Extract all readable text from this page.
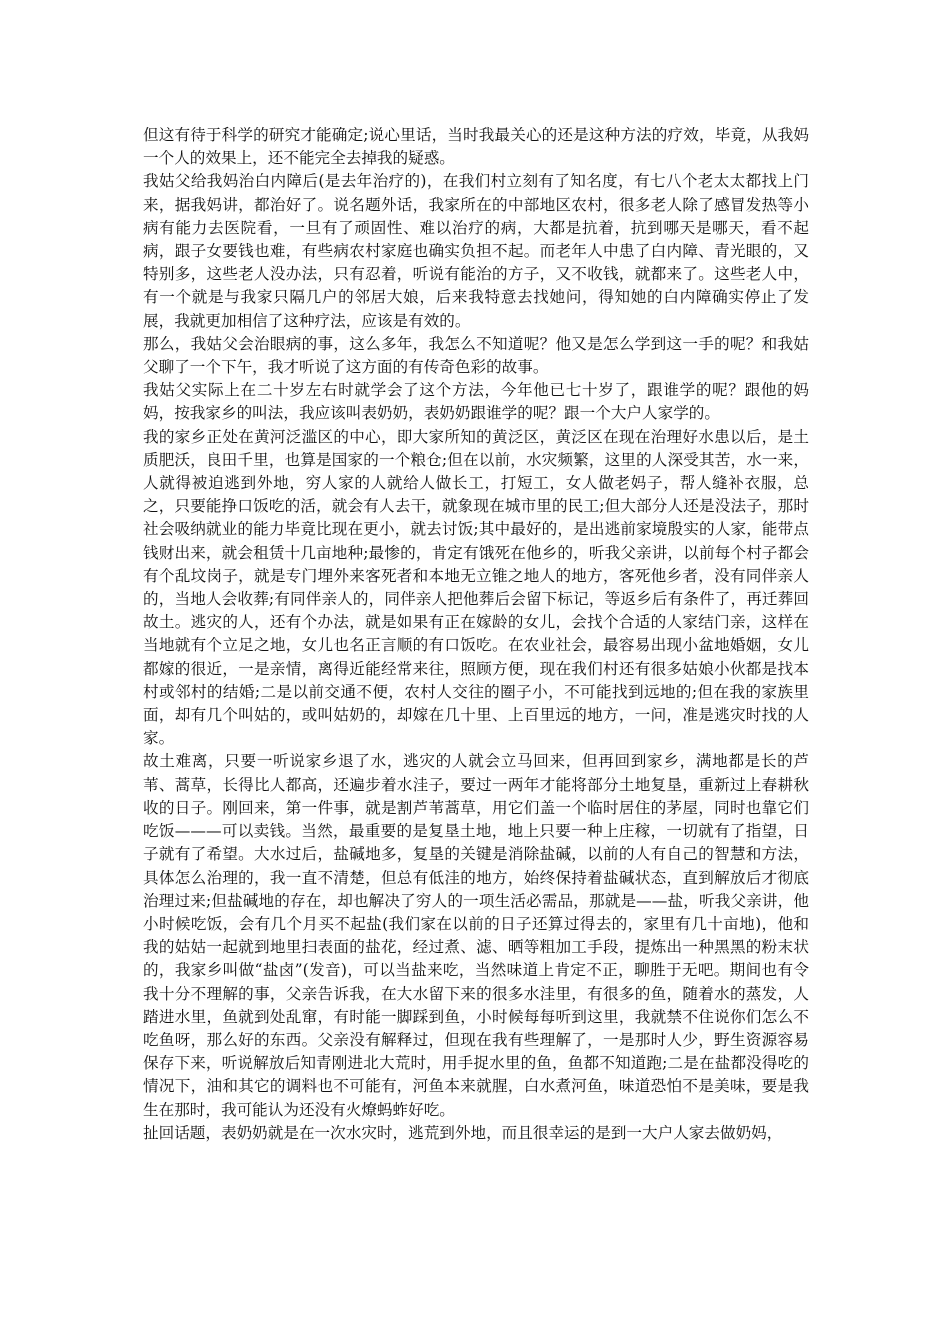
但这有待于科学的研究才能确定;说心里话，当时我最关心的还是这种方法的疗效，毕竟，从我妈一个人的效果上，还不能完全去掉我的疑惑。

我姑父给我妈治白内障后(是去年治疗的)，在我们村立刻有了知名度，有七八个老太太都找上门来，据我妈讲，都治好了。说名题外话，我家所在的中部地区农村，很多老人除了感冒发热等小病有能力去医院看，一旦有了顽固性、难以治疗的病，大都是抗着，抗到哪天是哪天，看不起病，跟子女要钱也难，有些病农村家庭也确实负担不起。而老年人中患了白内障、青光眼的，又特别多，这些老人没办法，只有忍着，听说有能治的方子，又不收钱，就都来了。这些老人中，有一个就是与我家只隔几户的邻居大娘，后来我特意去找她问，得知她的白内障确实停止了发展，我就更加相信了这种疗法，应该是有效的。

那么，我姑父会治眼病的事，这么多年，我怎么不知道呢？他又是怎么学到这一手的呢？和我姑父聊了一个下午，我才听说了这方面的有传奇色彩的故事。

我姑父实际上在二十岁左右时就学会了这个方法，今年他已七十岁了，跟谁学的呢？跟他的妈妈，按我家乡的叫法，我应该叫表奶奶，表奶奶跟谁学的呢？跟一个大户人家学的。

我的家乡正处在黄河泛滥区的中心，即大家所知的黄泛区，黄泛区在现在治理好水患以后，是土质肥沃，良田千里，也算是国家的一个粮仓;但在以前，水灾频繁，这里的人深受其苦，水一来，人就得被迫逃到外地，穷人家的人就给人做长工，打短工，女人做老妈子，帮人缝补衣服，总之，只要能挣口饭吃的活，就会有人去干，就象现在城市里的民工;但大部分人还是没法子，那时社会吸纳就业的能力毕竟比现在更小，就去讨饭;其中最好的，是出逃前家境殷实的人家，能带点钱财出来，就会租赁十几亩地种;最惨的，肯定有饿死在他乡的，听我父亲讲，以前每个村子都会有个乱坟岗子，就是专门埋外来客死者和本地无立锥之地人的地方，客死他乡者，没有同伴亲人的，当地人会收葬;有同伴亲人的，同伴亲人把他葬后会留下标记，等返乡后有条件了，再迁葬回故土。逃灾的人，还有个办法，就是如果有正在嫁龄的女儿，会找个合适的人家结门亲，这样在当地就有个立足之地，女儿也名正言顺的有口饭吃。在农业社会，最容易出现小盆地婚姻，女儿都嫁的很近，一是亲情，离得近能经常来往，照顾方便，现在我们村还有很多姑娘小伙都是找本村或邻村的结婚;二是以前交通不便，农村人交往的圈子小，不可能找到远地的;但在我的家族里面，却有几个叫姑的，或叫姑奶的，却嫁在几十里、上百里远的地方，一问，准是逃灾时找的人家。

故土难离，只要一听说家乡退了水，逃灾的人就会立马回来，但再回到家乡，满地都是长的芦苇、蒿草，长得比人都高，还遍步着水洼子，要过一两年才能将部分土地复垦，重新过上春耕秋收的日子。刚回来，第一件事，就是割芦苇蒿草，用它们盖一个临时居住的茅屋，同时也靠它们吃饭———可以卖钱。当然，最重要的是复垦土地，地上只要一种上庄稼，一切就有了指望，日子就有了希望。大水过后，盐碱地多，复垦的关键是消除盐碱，以前的人有自己的智慧和方法，具体怎么治理的，我一直不清楚，但总有低洼的地方，始终保持着盐碱状态，直到解放后才彻底治理过来;但盐碱地的存在，却也解决了穷人的一项生活必需品，那就是——盐，听我父亲讲，他小时候吃饭，会有几个月买不起盐(我们家在以前的日子还算过得去的，家里有几十亩地)，他和我的姑姑一起就到地里扫表面的盐花，经过煮、滤、晒等粗加工手段，提炼出一种黑黑的粉末状的，我家乡叫做“盐卤”(发音)，可以当盐来吃，当然味道上肯定不正，聊胜于无吧。期间也有令我十分不理解的事，父亲告诉我，在大水留下来的很多水洼里，有很多的鱼，随着水的蒸发，人踏进水里，鱼就到处乱窜，有时能一脚踩到鱼，小时候每每听到这里，我就禁不住说你们怎么不吃鱼呀，那么好的东西。父亲没有解释过，但现在我有些理解了，一是那时人少，野生资源容易保存下来，听说解放后知青刚进北大荒时，用手捉水里的鱼，鱼都不知道跑;二是在盐都没得吃的情况下，油和其它的调料也不可能有，河鱼本来就腥，白水煮河鱼，味道恐怕不是美味，要是我生在那时，我可能认为还没有火燎蚂蚱好吃。

扯回话题，表奶奶就是在一次水灾时，逃荒到外地，而且很幸运的是到一大户人家去做奶妈，
